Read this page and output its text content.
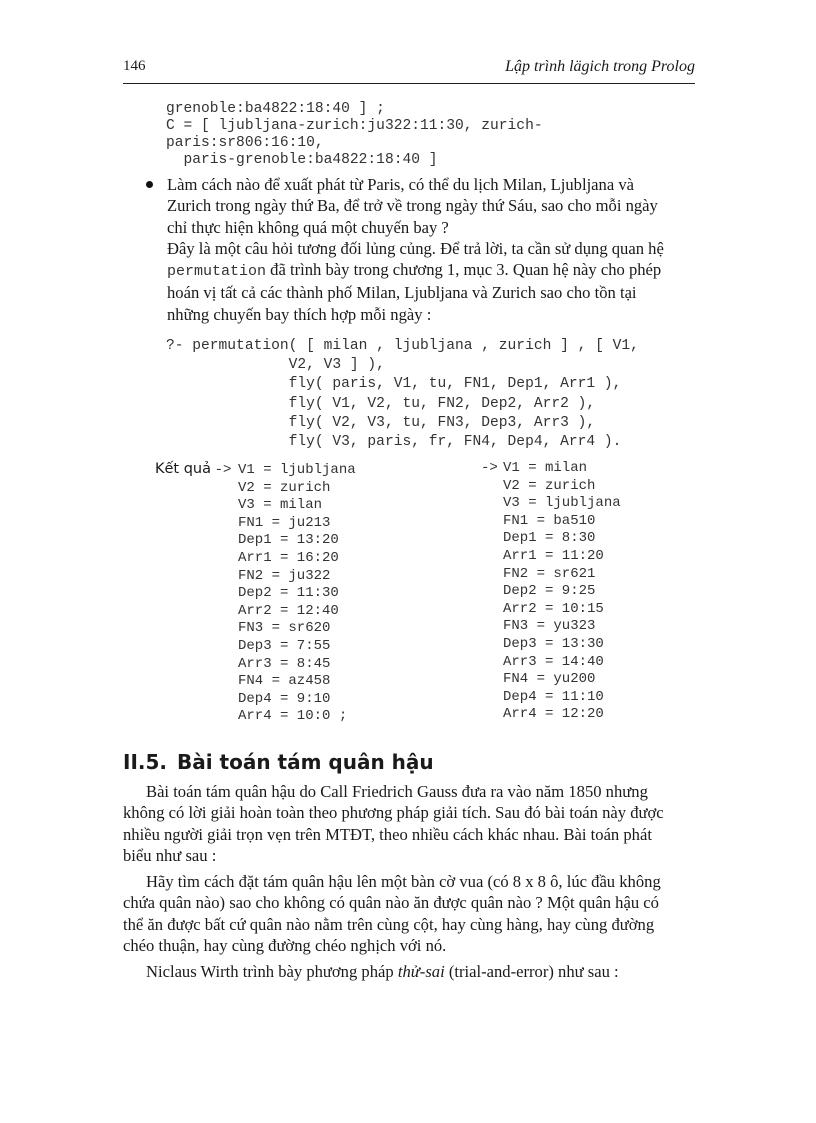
146	Lập trình lägich trong Prolog
grenoble:ba4822:18:40 ] ;
C = [ ljubljana-zurich:ju322:11:30, zurich-
paris:sr806:16:10,
paris-grenoble:ba4822:18:40 ]
Làm cách nào để xuất phát từ Paris, có thể du lịch Milan, Ljubljana và
Zurich trong ngày thứ Ba, để trở về trong ngày thứ Sáu, sao cho mỗi ngày
chỉ thực hiện không quá một chuyến bay ?
Đây là một câu hỏi tương đối lủng củng. Để trả lời, ta cần sử dụng quan hệ
permutation đã trình bày trong chương 1, mục 3. Quan hệ này cho phép
hoán vị tất cả các thành phố Milan, Ljubljana và Zurich sao cho tồn tại
những chuyến bay thích hợp mỗi ngày :
?- permutation( [ milan , ljubljana , zurich ] , [ V1,
V2, V3 ] ),
fly( paris, V1, tu, FN1, Dep1, Arr1 ),
fly( V1, V2, tu, FN2, Dep2, Arr2 ),
fly( V2, V3, tu, FN3, Dep3, Arr3 ),
fly( V3, paris, fr, FN4, Dep4, Arr4 ).
Kết quả -> V1 = ljubljana
V2 = zurich
V3 = milan
FN1 = ju213
Dep1 = 13:20
Arr1 = 16:20
FN2 = ju322
Dep2 = 11:30
Arr2 = 12:40
FN3 = sr620
Dep3 = 7:55
Arr3 = 8:45
FN4 = az458
Dep4 = 9:10
Arr4 = 10:0 ;
-> V1 = milan
V2 = zurich
V3 = ljubljana
FN1 = ba510
Dep1 = 8:30
Arr1 = 11:20
FN2 = sr621
Dep2 = 9:25
Arr2 = 10:15
FN3 = yu323
Dep3 = 13:30
Arr3 = 14:40
FN4 = yu200
Dep4 = 11:10
Arr4 = 12:20
II.5. Bài toán tám quân hậu
Bài toán tám quân hậu do Call Friedrich Gauss đưa ra vào năm 1850 nhưng
không có lời giải hoàn toàn theo phương pháp giải tích. Sau đó bài toán này được
nhiều người giải trọn vẹn trên MTĐT, theo nhiều cách khác nhau. Bài toán phát
biểu như sau :
Hãy tìm cách đặt tám quân hậu lên một bàn cờ vua (có 8 x 8 ô, lúc đầu không
chứa quân nào) sao cho không có quân nào ăn được quân nào ? Một quân hậu có
thể ăn được bất cứ quân nào nằm trên cùng cột, hay cùng hàng, hay cùng đường
chéo thuận, hay cùng đường chéo nghịch với nó.
Niclaus Wirth trình bày phương pháp thử-sai (trial-and-error) như sau :
